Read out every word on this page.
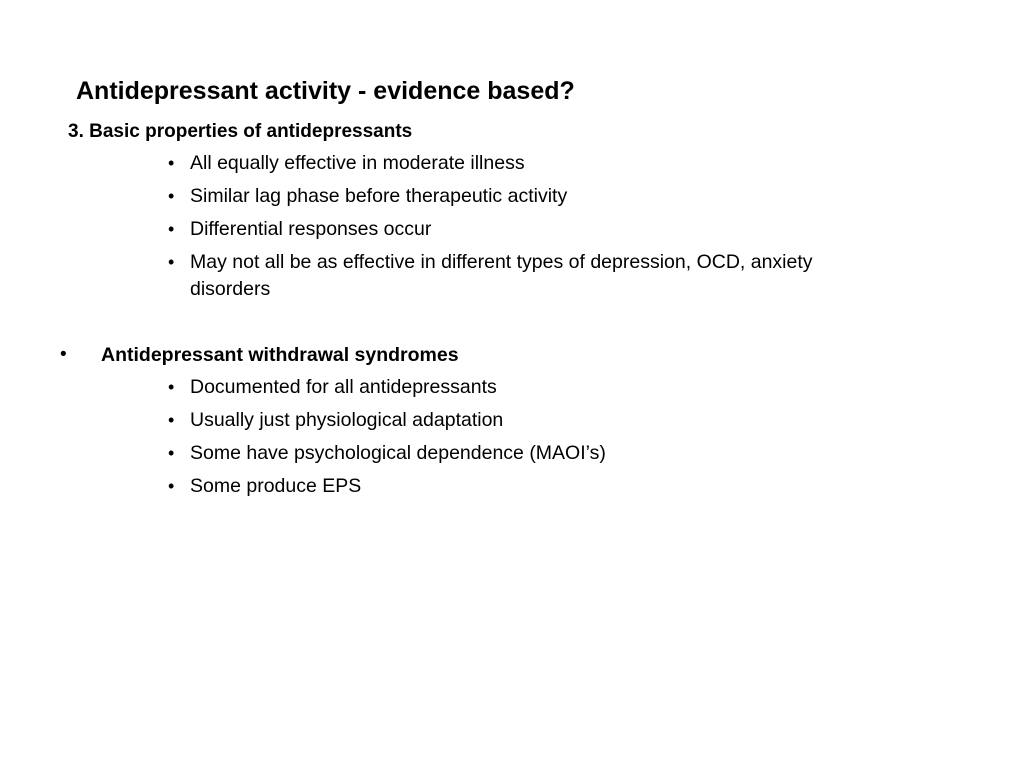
Antidepressant activity - evidence based?
3. Basic properties of antidepressants
• All equally effective in moderate illness
• Similar lag phase before therapeutic activity
• Differential responses occur
• May not all be as effective in different types of depression, OCD, anxiety disorders
• Antidepressant withdrawal syndromes
• Documented for all antidepressants
• Usually just physiological adaptation
• Some have psychological dependence (MAOI’s)
• Some produce EPS
